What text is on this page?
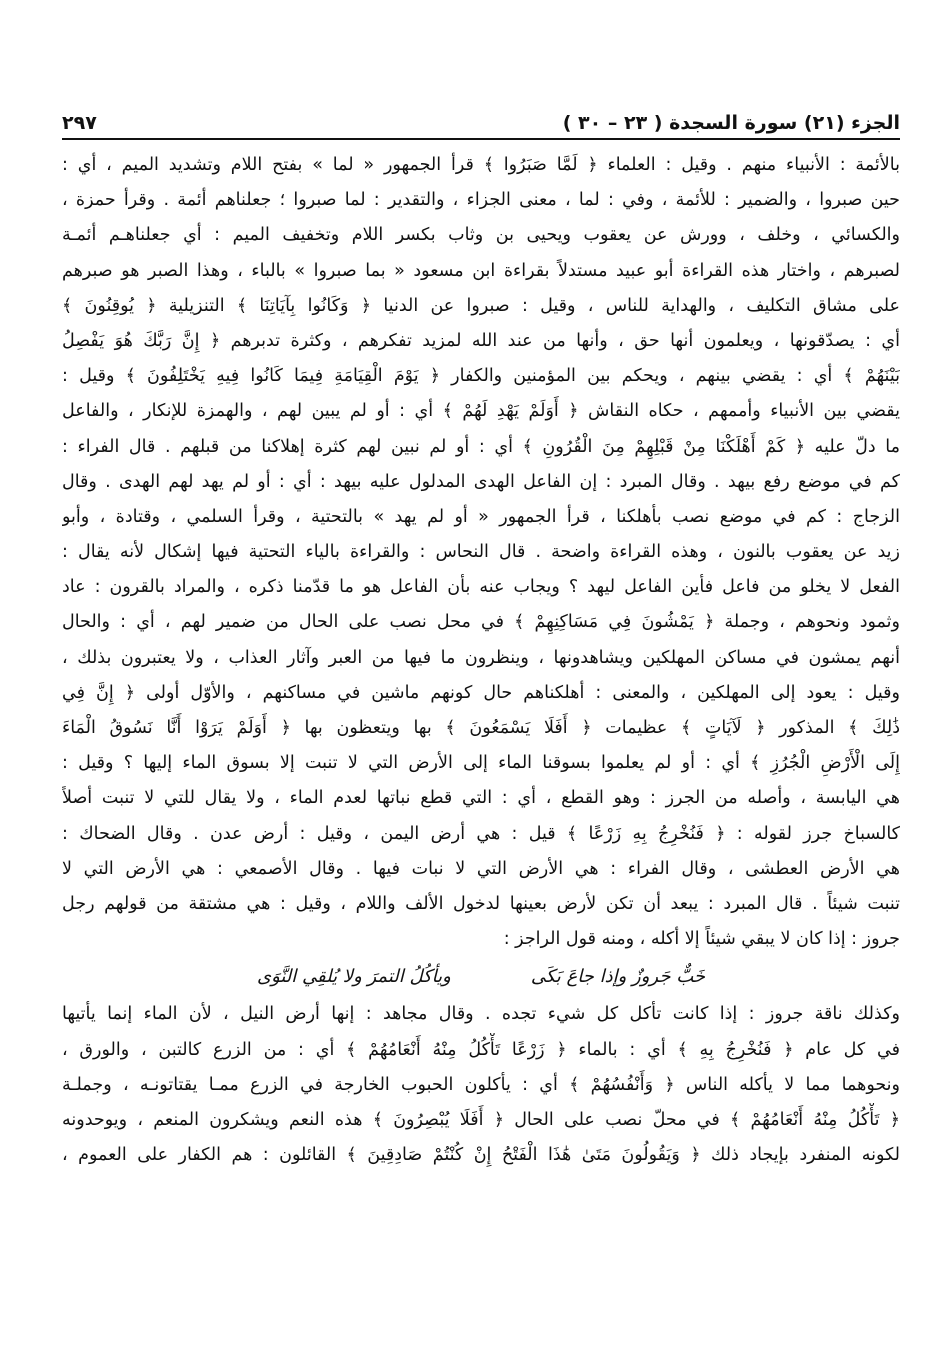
الجزء (٢١) سورة السجدة ( ٢٣ – ٣٠ )
٢٩٧
بالأئمة : الأنبياء منهم . وقيل : العلماء ﴿ لَمَّا صَبَرُوا ﴾ قرأ الجمهور « لما » بفتح اللام وتشديد الميم ، أي :
حين صبروا ، والضمير : للأئمة ، وفي : لما ، معنى الجزاء ، والتقدير : لما صبروا ؛ جعلناهم أئمة . وقرأ حمزة ،
والكسائي ، وخلف ، وورش عن يعقوب ويحيى بن وثاب بكسر اللام وتخفيف الميم : أي جعلناهـم أئمـة
لصبرهم ، واختار هذه القراءة أبو عبيد مستدلاً بقراءة ابن مسعود « بما صبروا » بالباء ، وهذا الصبر هو صبرهم
على مشاق التكليف ، والهداية للناس ، وقيل : صبروا عن الدنيا ﴿ وَكَانُوا بِآيَاتِنَا ﴾ التنزيلية ﴿ يُوقِنُونَ ﴾
أي : يصدّقونها ، ويعلمون أنها حق ، وأنها من عند الله لمزيد تفكرهم ، وكثرة تدبرهم ﴿ إِنَّ رَبَّكَ هُوَ يَفْصِلُ
بَيْنَهُمْ ﴾ أي : يقضي بينهم ، ويحكم بين المؤمنين والكفار ﴿ يَوْمَ الْقِيَامَةِ فِيمَا كَانُوا فِيهِ يَخْتَلِفُونَ ﴾ وقيل :
يقضي بين الأنبياء وأممهم ، حكاه النقاش ﴿ أَوَلَمْ يَهْدِ لَهُمْ ﴾ أي : أو لم يبين لهم ، والهمزة للإنكار ، والفاعل
ما دلّ عليه ﴿ كَمْ أَهْلَكْنَا مِنْ قَبْلِهِمْ مِنَ الْقُرُونِ ﴾ أي : أو لم نبين لهم كثرة إهلاكنا من قبلهم . قال الفراء :
كم في موضع رفع بيهد . وقال المبرد : إن الفاعل الهدى المدلول عليه بيهد : أي : أو لم يهد لهم الهدى . وقال
الزجاج : كم في موضع نصب بأهلكنا ، قرأ الجمهور « أو لم يهد » بالتحتية ، وقرأ السلمي ، وقتادة ، وأبو
زيد عن يعقوب بالنون ، وهذه القراءة واضحة . قال النحاس : والقراءة بالياء التحتية فيها إشكال لأنه يقال :
الفعل لا يخلو من فاعل فأين الفاعل ليهد ؟ ويجاب عنه بأن الفاعل هو ما قدّمنا ذكره ، والمراد بالقرون : عاد
وثمود ونحوهم ، وجملة ﴿ يَمْشُونَ فِي مَسَاكِنِهِمْ ﴾ في محل نصب على الحال من ضمير لهم ، أي : والحال
أنهم يمشون في مساكن المهلكين ويشاهدونها ، وينظرون ما فيها من العبر وآثار العذاب ، ولا يعتبرون بذلك ،
وقيل : يعود إلى المهلكين ، والمعنى : أهلكناهم حال كونهم ماشين في مساكنهم ، والأوّل أولى ﴿ إِنَّ فِي
ذَٰلِكَ ﴾ المذكور ﴿ لَآيَاتٍ ﴾ عظيمات ﴿ أَفَلَا يَسْمَعُونَ ﴾ بها ويتعظون بها ﴿ أَوَلَمْ يَرَوْا أَنَّا نَسُوقُ الْمَاءَ
إِلَى الْأَرْضِ الْجُرُزِ ﴾ أي : أو لم يعلموا بسوقنا الماء إلى الأرض التي لا تنبت إلا بسوق الماء إليها ؟ وقيل :
هي اليابسة ، وأصله من الجرز : وهو القطع ، أي : التي قطع نباتها لعدم الماء ، ولا يقال للتي لا تنبت أصلاً
كالسباخ جرز لقوله : ﴿ فَنُخْرِجُ بِهِ زَرْعًا ﴾ قيل : هي أرض اليمن ، وقيل : أرض عدن . وقال الضحاك :
هي الأرض العطشى ، وقال الفراء : هي الأرض التي لا نبات فيها . وقال الأصمعي : هي الأرض التي لا
تنبت شيئاً . قال المبرد : يبعد أن تكن لأرض بعينها لدخول الألف واللام ، وقيل : هي مشتقة من قولهم رجل
جروز : إذا كان لا يبقي شيئاً إلا أكله ، ومنه قول الراجز :
خَبٌّ جَروزٌ وإذا جاعَ بَكَى
ويأكُلُ التمرَ ولا يُلقِي النَّوَى
وكذلك ناقة جروز : إذا كانت تأكل كل شيء تجده . وقال مجاهد : إنها أرض النيل ، لأن الماء إنما يأتيها
في كل عام ﴿ فَنُخْرِجُ بِهِ ﴾ أي : بالماء ﴿ زَرْعًا تَأْكُلُ مِنْهُ أَنْعَامُهُمْ ﴾ أي : من الزرع كالتبن ، والورق ،
ونحوهما مما لا يأكله الناس ﴿ وَأَنْفُسُهُمْ ﴾ أي : يأكلون الحبوب الخارجة في الزرع ممـا يقتاتونـه ، وجملـة
﴿ تَأْكُلُ مِنْهُ أَنْعَامُهُمْ ﴾ في محلّ نصب على الحال ﴿ أَفَلَا يُبْصِرُونَ ﴾ هذه النعم ويشكرون المنعم ، ويوحدونه
لكونه المنفرد بإيجاد ذلك ﴿ وَيَقُولُونَ مَتَىٰ هَٰذَا الْفَتْحُ إِنْ كُنْتُمْ صَادِقِينَ ﴾ القائلون : هم الكفار على العموم ،
